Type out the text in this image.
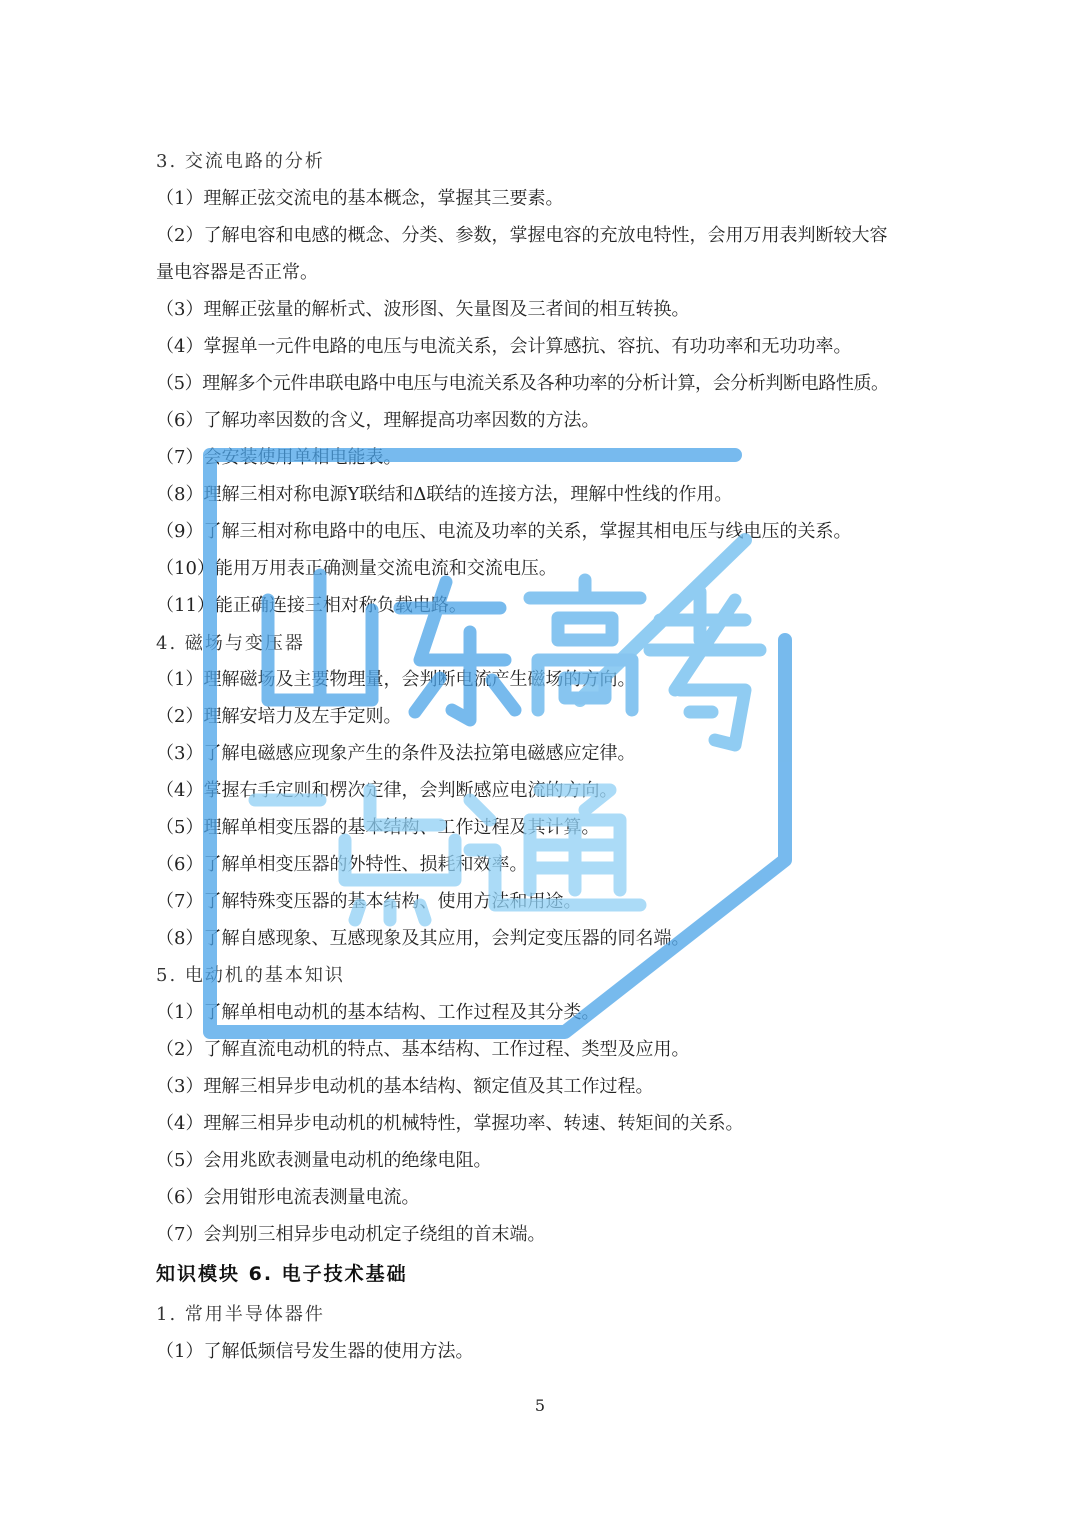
3. 交流电路的分析
（1）理解正弦交流电的基本概念，掌握其三要素。
（2）了解电容和电感的概念、分类、参数，掌握电容的充放电特性，会用万用表判断较大容
量电容器是否正常。
（3）理解正弦量的解析式、波形图、矢量图及三者间的相互转换。
（4）掌握单一元件电路的电压与电流关系，会计算感抗、容抗、有功功率和无功功率。
（5）理解多个元件串联电路中电压与电流关系及各种功率的分析计算，会分析判断电路性质。
（6）了解功率因数的含义，理解提高功率因数的方法。
（7）会安装使用单相电能表。
（8）理解三相对称电源Y联结和Δ联结的连接方法，理解中性线的作用。
（9）了解三相对称电路中的电压、电流及功率的关系，掌握其相电压与线电压的关系。
（10）能用万用表正确测量交流电流和交流电压。
（11）能正确连接三相对称负载电路。
4. 磁场与变压器
（1）理解磁场及主要物理量，会判断电流产生磁场的方向。
（2）理解安培力及左手定则。
（3）了解电磁感应现象产生的条件及法拉第电磁感应定律。
（4）掌握右手定则和楞次定律，会判断感应电流的方向。
（5）理解单相变压器的基本结构、工作过程及其计算。
（6）了解单相变压器的外特性、损耗和效率。
（7）了解特殊变压器的基本结构、使用方法和用途。
（8）了解自感现象、互感现象及其应用，会判定变压器的同名端。
5. 电动机的基本知识
（1）了解单相电动机的基本结构、工作过程及其分类。
（2）了解直流电动机的特点、基本结构、工作过程、类型及应用。
（3）理解三相异步电动机的基本结构、额定值及其工作过程。
（4）理解三相异步电动机的机械特性，掌握功率、转速、转矩间的关系。
（5）会用兆欧表测量电动机的绝缘电阻。
（6）会用钳形电流表测量电流。
（7）会判别三相异步电动机定子绕组的首末端。
知识模块 6. 电子技术基础
1. 常用半导体器件
（1）了解低频信号发生器的使用方法。
5
